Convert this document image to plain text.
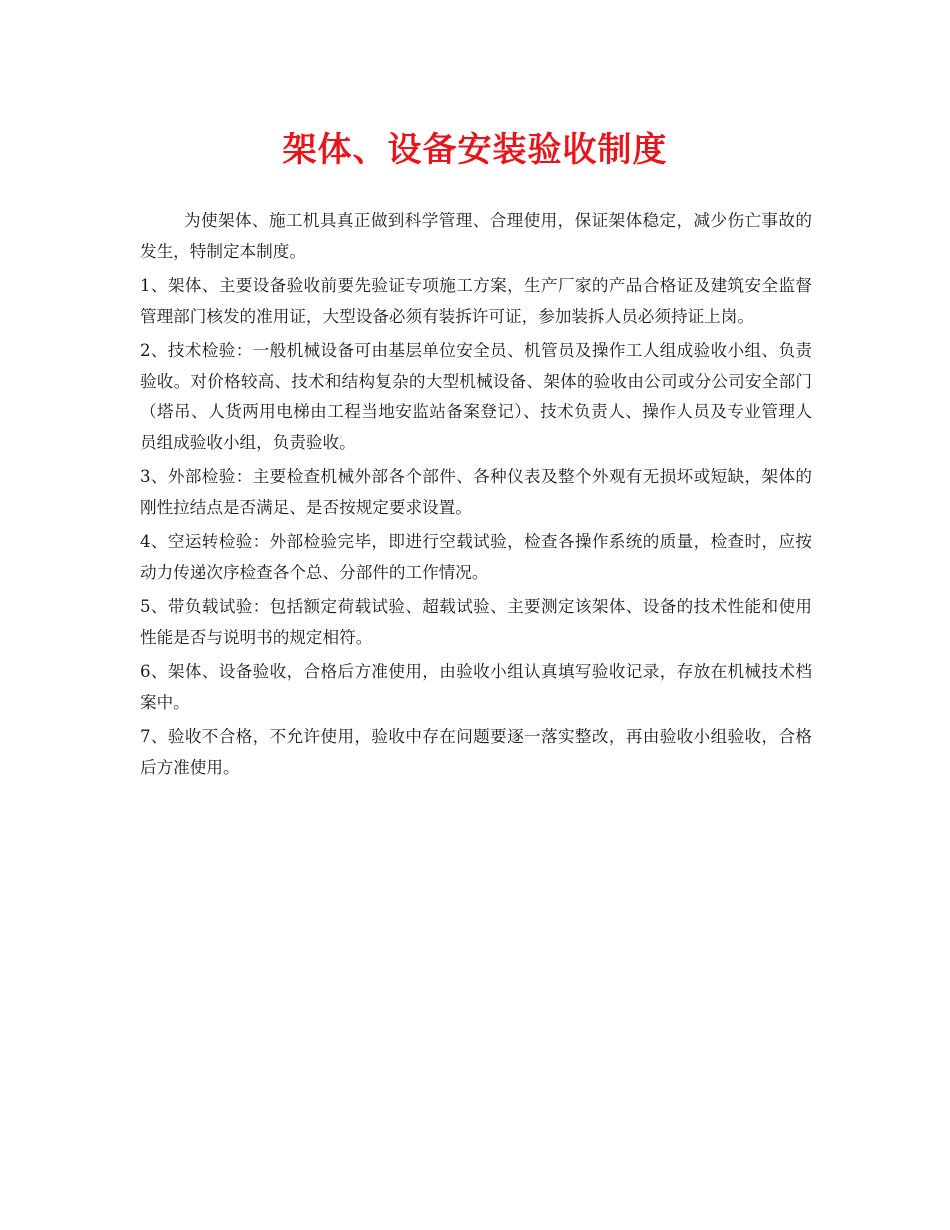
架体、设备安装验收制度

为使架体、施工机具真正做到科学管理、合理使用，保证架体稳定，减少伤亡事故的发生，特制定本制度。

1、架体、主要设备验收前要先验证专项施工方案，生产厂家的产品合格证及建筑安全监督管理部门核发的准用证，大型设备必须有装拆许可证，参加装拆人员必须持证上岗。

2、技术检验：一般机械设备可由基层单位安全员、机管员及操作工人组成验收小组、负责验收。对价格较高、技术和结构复杂的大型机械设备、架体的验收由公司或分公司安全部门（塔吊、人货两用电梯由工程当地安监站备案登记）、技术负责人、操作人员及专业管理人员组成验收小组，负责验收。

3、外部检验：主要检查机械外部各个部件、各种仪表及整个外观有无损坏或短缺，架体的刚性拉结点是否满足、是否按规定要求设置。

4、空运转检验：外部检验完毕，即进行空载试验，检查各操作系统的质量，检查时，应按动力传递次序检查各个总、分部件的工作情况。

5、带负载试验：包括额定荷载试验、超载试验、主要测定该架体、设备的技术性能和使用性能是否与说明书的规定相符。

6、架体、设备验收，合格后方准使用，由验收小组认真填写验收记录，存放在机械技术档案中。

7、验收不合格，不允许使用，验收中存在问题要逐一落实整改，再由验收小组验收，合格后方准使用。
